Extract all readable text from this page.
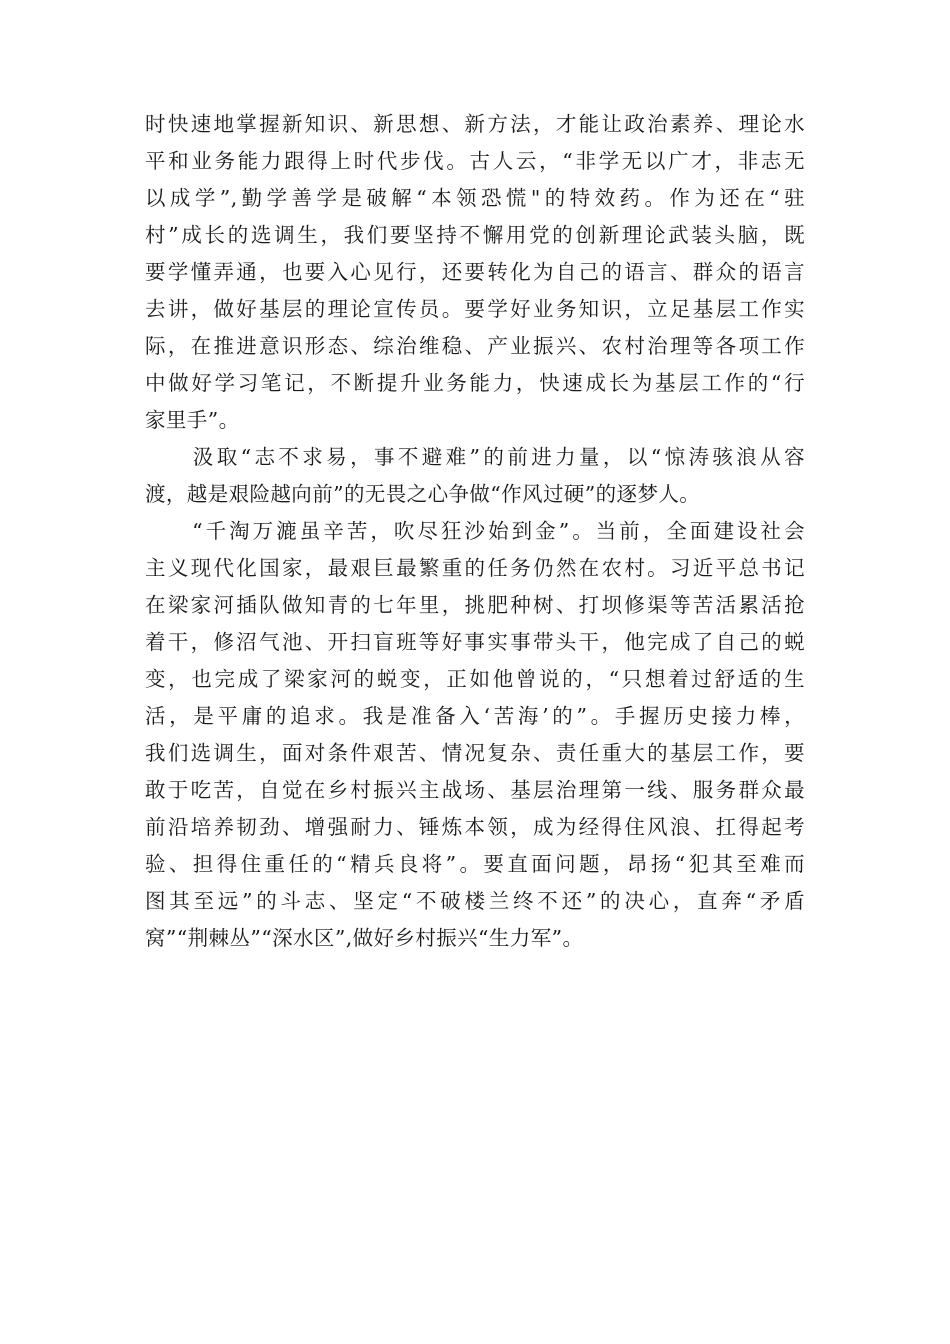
时快速地掌握新知识、新思想、新方法，才能让政治素养、理论水
平和业务能力跟得上时代步伐。古人云，“非学无以广才，非志无
以成学”,勤学善学是破解“本领恐慌"的特效药。作为还在“驻
村”成长的选调生，我们要坚持不懈用党的创新理论武装头脑，既
要学懂弄通，也要入心见行，还要转化为自己的语言、群众的语言
去讲，做好基层的理论宣传员。要学好业务知识，立足基层工作实
际，在推进意识形态、综治维稳、产业振兴、农村治理等各项工作
中做好学习笔记，不断提升业务能力，快速成长为基层工作的“行
家里手”。
　　汲取“志不求易，事不避难”的前进力量，以“惊涛骇浪从容
渡，越是艰险越向前”的无畏之心争做“作风过硬”的逐梦人。
　　“千淘万漉虽辛苦，吹尽狂沙始到金”。当前，全面建设社会
主义现代化国家，最艰巨最繁重的任务仍然在农村。习近平总书记
在梁家河插队做知青的七年里，挑肥种树、打坝修渠等苦活累活抢
着干，修沼气池、开扫盲班等好事实事带头干，他完成了自己的蜕
变，也完成了梁家河的蜕变，正如他曾说的，“只想着过舒适的生
活，是平庸的追求。我是准备入‘苦海’的”。手握历史接力棒，
我们选调生，面对条件艰苦、情况复杂、责任重大的基层工作，要
敢于吃苦，自觉在乡村振兴主战场、基层治理第一线、服务群众最
前沿培养韧劲、增强耐力、锤炼本领，成为经得住风浪、扛得起考
验、担得住重任的“精兵良将”。要直面问题，昂扬“犯其至难而
图其至远”的斗志、坚定“不破楼兰终不还”的决心，直奔“矛盾
窝”“荆棘丛”“深水区”,做好乡村振兴“生力军”。
